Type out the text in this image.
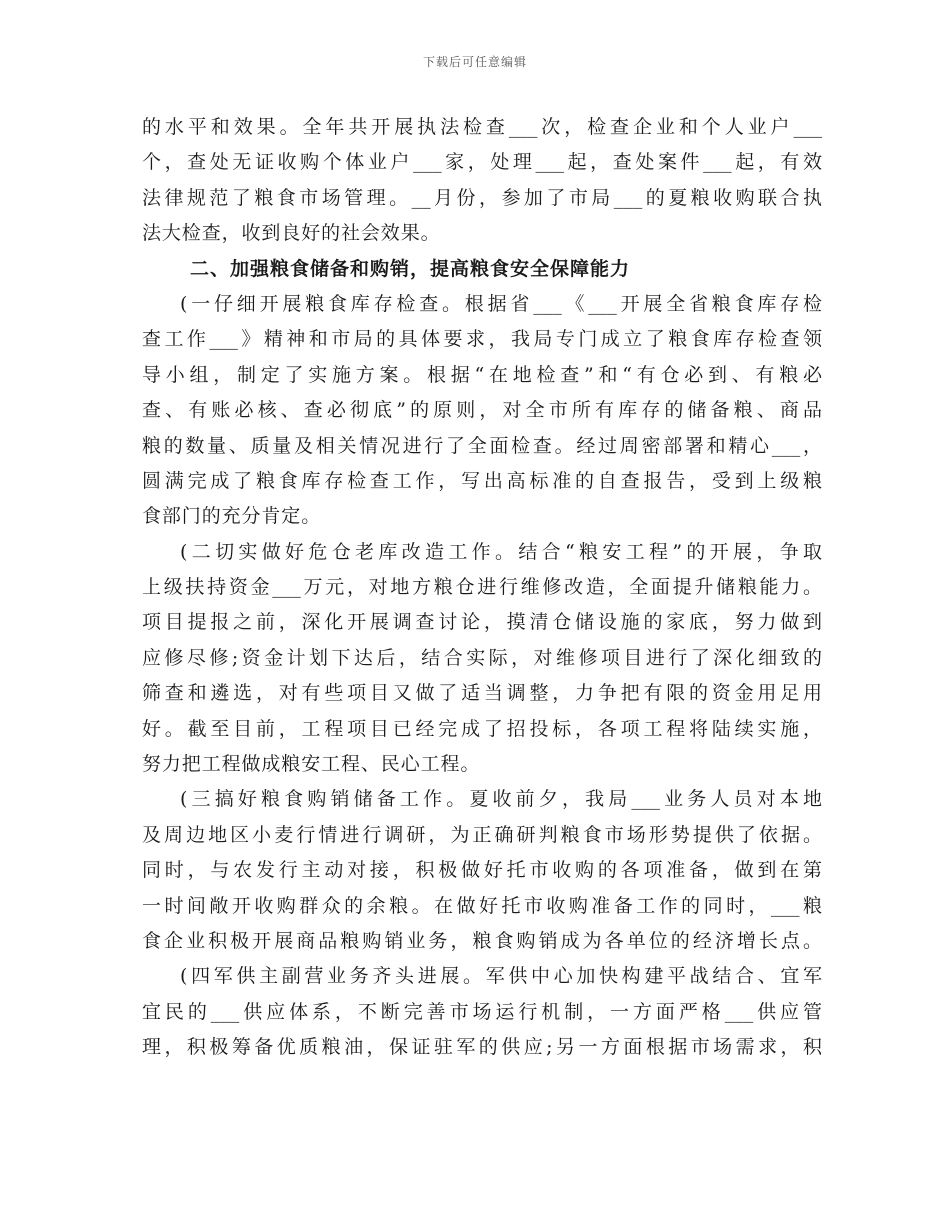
下载后可任意编辑
的水平和效果。全年共开展执法检查___次，检查企业和个人业户___
个，查处无证收购个体业户___家，处理___起，查处案件___起，有效
法律规范了粮食市场管理。__月份，参加了市局___的夏粮收购联合执
法大检查，收到良好的社会效果。
二、加强粮食储备和购销，提高粮食安全保障能力
(一仔细开展粮食库存检查。根据省___《___开展全省粮食库存检
查工作___》精神和市局的具体要求，我局专门成立了粮食库存检查领
导小组，制定了实施方案。根据“在地检查”和“有仓必到、有粮必
查、有账必核、查必彻底”的原则，对全市所有库存的储备粮、商品
粮的数量、质量及相关情况进行了全面检查。经过周密部署和精心___，
圆满完成了粮食库存检查工作，写出高标准的自查报告，受到上级粮
食部门的充分肯定。
(二切实做好危仓老库改造工作。结合“粮安工程”的开展，争取
上级扶持资金___万元，对地方粮仓进行维修改造，全面提升储粮能力。
项目提报之前，深化开展调查讨论，摸清仓储设施的家底，努力做到
应修尽修;资金计划下达后，结合实际，对维修项目进行了深化细致的
筛查和遴选，对有些项目又做了适当调整，力争把有限的资金用足用
好。截至目前，工程项目已经完成了招投标，各项工程将陆续实施，
努力把工程做成粮安工程、民心工程。
(三搞好粮食购销储备工作。夏收前夕，我局___业务人员对本地
及周边地区小麦行情进行调研，为正确研判粮食市场形势提供了依据。
同时，与农发行主动对接，积极做好托市收购的各项准备，做到在第
一时间敞开收购群众的余粮。在做好托市收购准备工作的同时，___粮
食企业积极开展商品粮购销业务，粮食购销成为各单位的经济增长点。
(四军供主副营业务齐头进展。军供中心加快构建平战结合、宜军
宜民的___供应体系，不断完善市场运行机制，一方面严格___供应管
理，积极筹备优质粮油，保证驻军的供应;另一方面根据市场需求，积
